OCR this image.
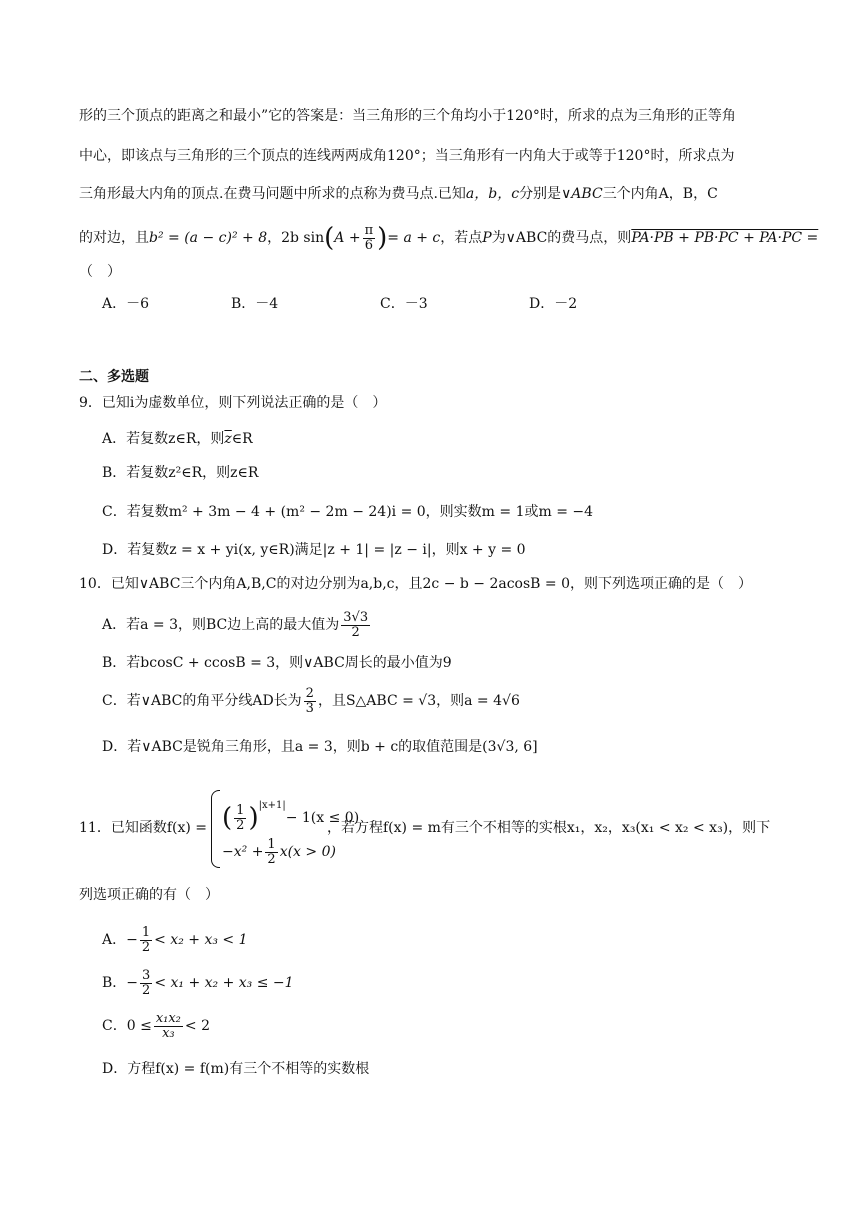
形的三个顶点的距离之和最小”它的答案是：当三角形的三个角均小于120°时，所求的点为三角形的正等角
中心，即该点与三角形的三个顶点的连线两两成角120°；当三角形有一内角大于或等于120°时，所求点为
三角形最大内角的顶点.在费马问题中所求的点称为费马点.已知a，b，c分别是∨ABC三个内角A，B，C
的对边，且b² = (a − c)² + 8，2b $\sin(A + \frac{\pi}{6}$ )= a + c，若点P为∨ABC的费马点，则PA·PB + PB·PC + PA·PC =
（　）
A．－6	B．－4	C．－3	D．－2
二、多选题
9．已知i为虚数单位，则下列说法正确的是（　）
A．若复数z∈R，则$\overline{z}\in R$
B．若复数z²∈R，则z∈R
C．若复数m² + 3m − 4 + (m² − 2m − 24)i = 0，则实数m = 1或m = −4
D．若复数z = x + yi(x, y∈R)满足|z + 1| = |z − i|，则x + y = 0
10．已知∨ABC三个内角A,B,C的对边分别为a,b,c，且2c − b − 2acosB = 0，则下列选项正确的是（　）
A．若a = 3，则BC边上高的最大值为 $\frac{3√3}{2}$
B．若bcosC + ccosB = 3，则∨ABC周长的最小值为9
C．若∨ABC的角平分线AD长为 $\frac{2}{3}$ ，且S△ABC = √3，则a = 4√6
D．若∨ABC是锐角三角形，且a = 3，则b + c的取值范围是(3√3, 6]
11．已知函数f(x) = ( $\frac{1}{2} )^{|x+1|}- 1(x \le 0)$
$-x^2 + \frac{1}{2} x(x > 0)$
，若方程f(x) = m有三个不相等的实根x₁，x₂，x₃(x₁ < x₂ < x₃)，则下
列选项正确的有（　）
A．− $\frac{1}{2} < x_2 + x_3 < 1$
B．− $\frac{3}{2} < x_1 + x_2 + x_3 \le -1$
C．$0 \le \frac{\text{x₁x₂}}{\text{x₃}} < 2$
D．方程f(x) = f(m)有三个不相等的实数根
